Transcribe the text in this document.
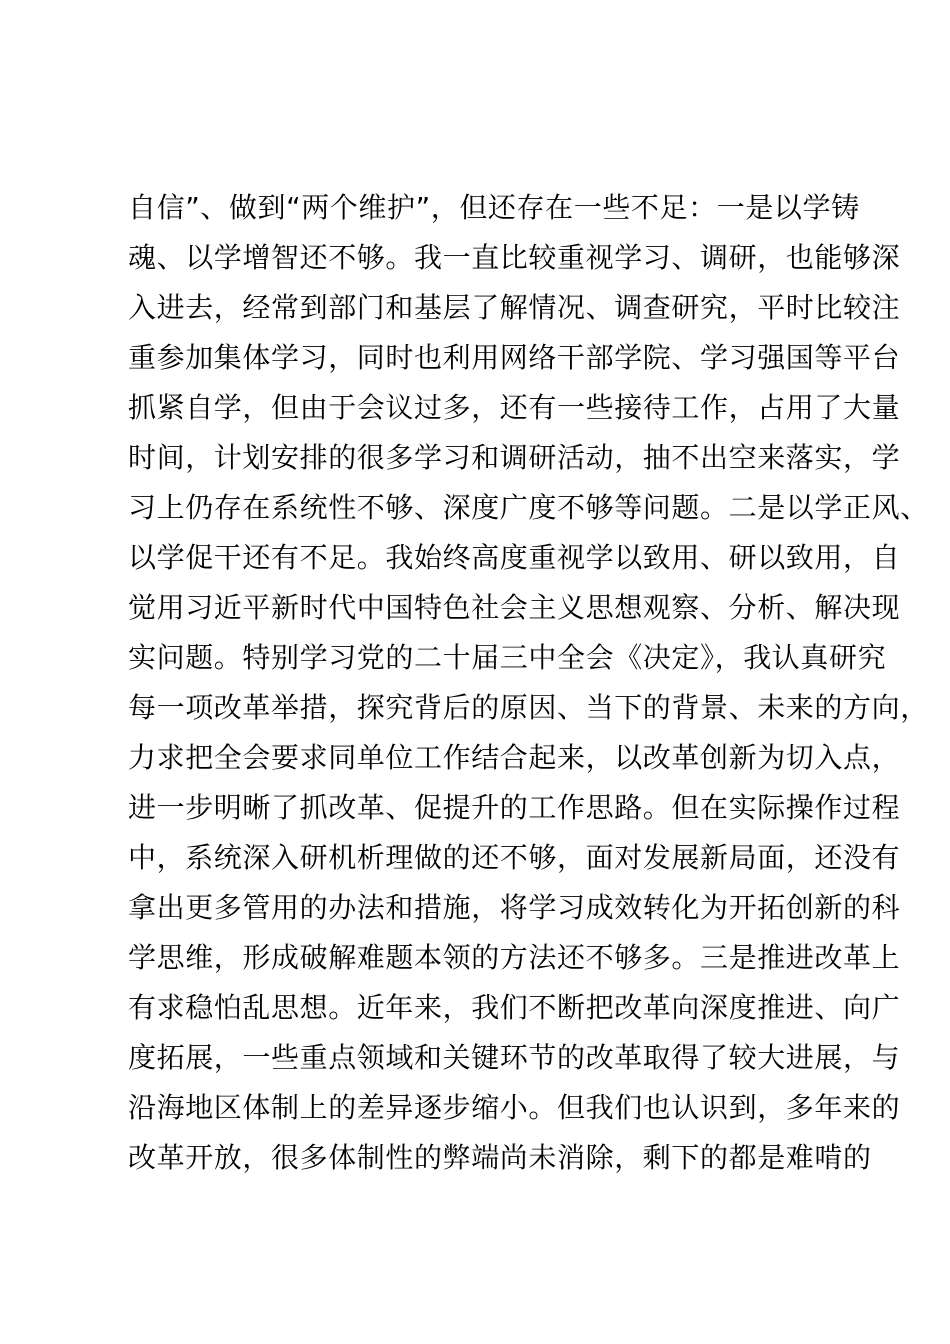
自信”、做到“两个维护”，但还存在一些不足：一是以学铸
魂、以学增智还不够。我一直比较重视学习、调研，也能够深
入进去，经常到部门和基层了解情况、调查研究，平时比较注
重参加集体学习，同时也利用网络干部学院、学习强国等平台
抓紧自学，但由于会议过多，还有一些接待工作，占用了大量
时间，计划安排的很多学习和调研活动，抽不出空来落实，学
习上仍存在系统性不够、深度广度不够等问题。二是以学正风、
以学促干还有不足。我始终高度重视学以致用、研以致用，自
觉用习近平新时代中国特色社会主义思想观察、分析、解决现
实问题。特别学习党的二十届三中全会《决定》，我认真研究
每一项改革举措，探究背后的原因、当下的背景、未来的方向，
力求把全会要求同单位工作结合起来，以改革创新为切入点，
进一步明晰了抓改革、促提升的工作思路。但在实际操作过程
中，系统深入研机析理做的还不够，面对发展新局面，还没有
拿出更多管用的办法和措施，将学习成效转化为开拓创新的科
学思维，形成破解难题本领的方法还不够多。三是推进改革上
有求稳怕乱思想。近年来，我们不断把改革向深度推进、向广
度拓展，一些重点领域和关键环节的改革取得了较大进展，与
沿海地区体制上的差异逐步缩小。但我们也认识到，多年来的
改革开放，很多体制性的弊端尚未消除，剩下的都是难啃的
